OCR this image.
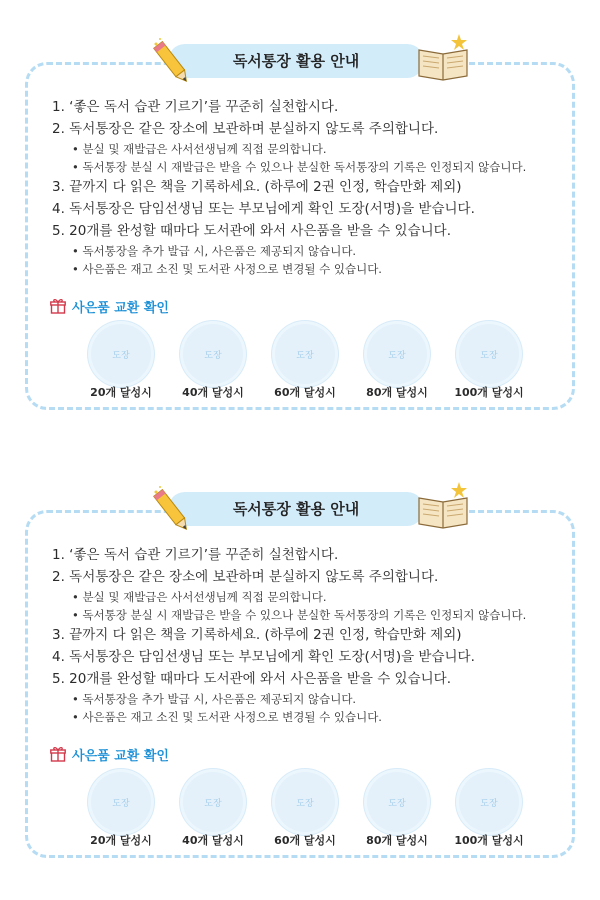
독서통장 활용 안내
1. ‘좋은 독서 습관 기르기’를 꾸준히 실천합시다.
2. 독서통장은 같은 장소에 보관하며 분실하지 않도록 주의합니다.
• 분실 및 재발급은 사서선생님께 직접 문의합니다.
• 독서통장 분실 시 재발급은 받을 수 있으나 분실한 독서통장의 기록은 인정되지 않습니다.
3. 끝까지 다 읽은 책을 기록하세요. (하루에 2권 인정, 학습만화 제외)
4. 독서통장은 담임선생님 또는 부모님에게 확인 도장(서명)을 받습니다.
5. 20개를 완성할 때마다 도서관에 와서 사은품을 받을 수 있습니다.
• 독서통장을 추가 발급 시, 사은품은 제공되지 않습니다.
• 사은품은 재고 소진 및 도서관 사정으로 변경될 수 있습니다.
사은품 교환 확인
도장	도장	도장	도장	도장
20개 달성시	40개 달성시	60개 달성시	80개 달성시	100개 달성시
독서통장 활용 안내
1. ‘좋은 독서 습관 기르기’를 꾸준히 실천합시다.
2. 독서통장은 같은 장소에 보관하며 분실하지 않도록 주의합니다.
• 분실 및 재발급은 사서선생님께 직접 문의합니다.
• 독서통장 분실 시 재발급은 받을 수 있으나 분실한 독서통장의 기록은 인정되지 않습니다.
3. 끝까지 다 읽은 책을 기록하세요. (하루에 2권 인정, 학습만화 제외)
4. 독서통장은 담임선생님 또는 부모님에게 확인 도장(서명)을 받습니다.
5. 20개를 완성할 때마다 도서관에 와서 사은품을 받을 수 있습니다.
• 독서통장을 추가 발급 시, 사은품은 제공되지 않습니다.
• 사은품은 재고 소진 및 도서관 사정으로 변경될 수 있습니다.
사은품 교환 확인
도장	도장	도장	도장	도장
20개 달성시	40개 달성시	60개 달성시	80개 달성시	100개 달성시
